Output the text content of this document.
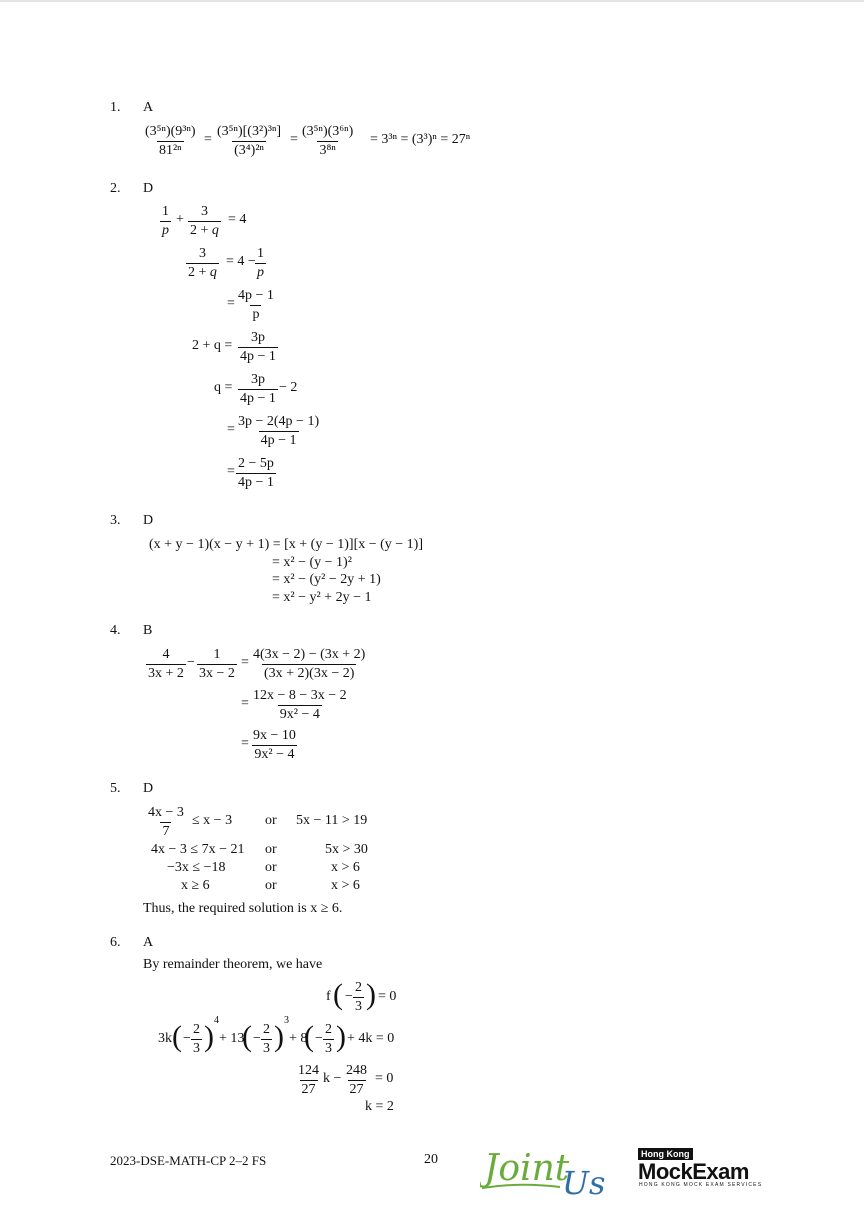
1. A
$\frac{\text{(3⁵ⁿ)(9³ⁿ)}}{\text{81²ⁿ}} = \frac{\text{(3⁵ⁿ)[(3²)³ⁿ]}}{\text{(3⁴)²ⁿ}} = \frac{\text{(3⁵ⁿ)(3⁶ⁿ)}}{\text{3⁸ⁿ}} = 3^{3n} = (3^3)^n = 27^n$
2. D
$\frac{1}{p} + \frac{3}{2 + q} = 4$
$\frac{3}{2 + q} = 4 - \frac{1}{p}$
= $\frac{4p - 1}{p}$
$2 + q = \frac{3p}{4p - 1}$
$q = \frac{3p}{4p - 1} - 2$
= $\frac{3p - 2(4p - 1)}{4p - 1}$
= $\frac{2 - 5p}{4p - 1}$
3. D
(x + y − 1)(x − y + 1) = [x + (y − 1)][x − (y − 1)]
= x² − (y − 1)²
= x² − (y² − 2y + 1)
= x² − y² + 2y − 1
4. B
$\frac{4}{3x + 2} - \frac{1}{3x - 2} = \frac{4(3x - 2) - (3x + 2)}{(3x + 2)(3x - 2)}$
= $\frac{12x - 8 - 3x - 2}{\text{9x² − 4}}$
= $\frac{9x - 10}{\text{9x² − 4}}$
5. D
$\frac{4x - 3}{7} \le x - 3$ or 5x − 11 > 19
4x − 3 ≤ 7x − 21 or	5x > 30
−3x ≤ −18	or	x > 6
x ≥ 6	or	x > 6
Thus, the required solution is x ≥ 6.
6. A
By remainder theorem, we have
f ( − $\frac{2}{3}$ ) = 0
3k ( − $\frac{2}{3}$ ) 4
+ 13
( − $\frac{2}{3}$ ) 3
+ 8
( − $\frac{2}{3}$ ) + 4k = 0
$\frac{124}{27}$ $k - \frac{248}{27} = 0$
k = 2
2023-DSE-MATH-CP 2–2 FS	20 Joint
Us
Hong Kong
MockExam
HONG KONG MOCK EXAM SERVICES
